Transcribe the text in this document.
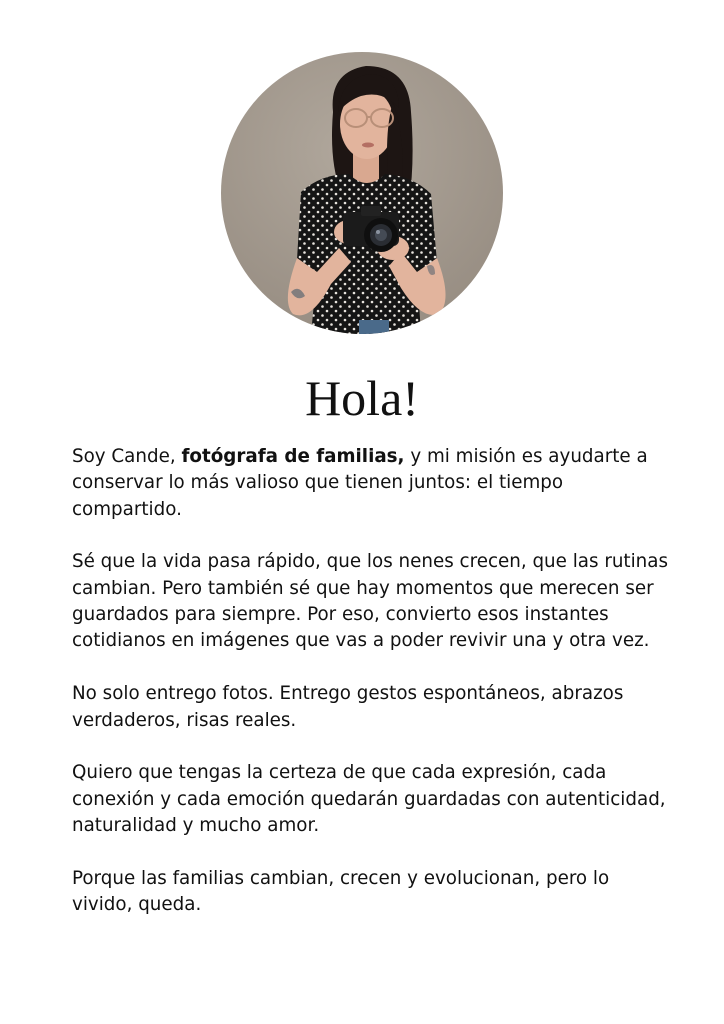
Hola!

Soy Cande, fotógrafa de familias, y mi misión es ayudarte a conservar lo más valioso que tienen juntos: el tiempo compartido.

Sé que la vida pasa rápido, que los nenes crecen, que las rutinas cambian. Pero también sé que hay momentos que merecen ser guardados para siempre. Por eso, convierto esos instantes cotidianos en imágenes que vas a poder revivir una y otra vez.

No solo entrego fotos. Entrego gestos espontáneos, abrazos verdaderos, risas reales.

Quiero que tengas la certeza de que cada expresión, cada conexión y cada emoción quedarán guardadas con autenticidad, naturalidad y mucho amor.

Porque las familias cambian, crecen y evolucionan, pero lo vivido, queda.
